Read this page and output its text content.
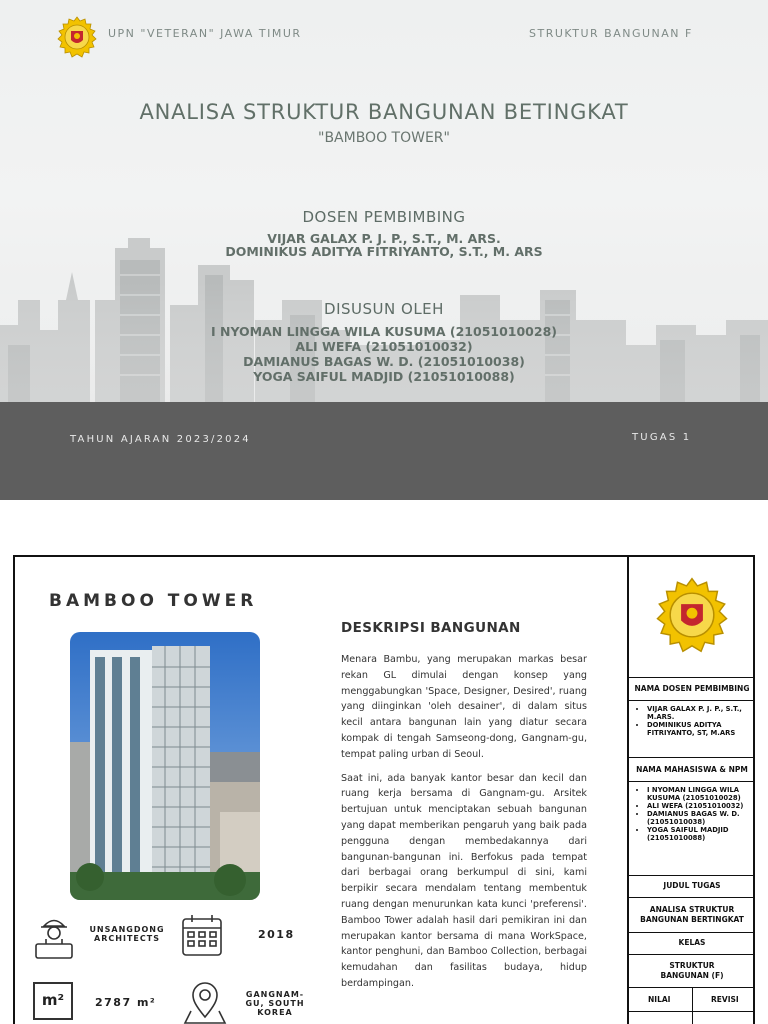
UPN "VETERAN" JAWA TIMUR	STRUKTUR BANGUNAN F
ANALISA STRUKTUR BANGUNAN BETINGKAT
"BAMBOO TOWER"
DOSEN PEMBIMBING
VIJAR GALAX P. J. P., S.T., M. ARS.
DOMINIKUS ADITYA FITRIYANTO, S.T., M. ARS
DISUSUN OLEH
I NYOMAN LINGGA WILA KUSUMA (21051010028)
ALI WEFA (21051010032)
DAMIANUS BAGAS W. D. (21051010038)
YOGA SAIFUL MADJID (21051010088)
TAHUN AJARAN 2023/2024	TUGAS 1
BAMBOO TOWER
UNSANGDONG ARCHITECTS	2018
m²	2787 m²
GANGNAM-GU, SOUTH KOREA
DESKRIPSI BANGUNAN

Menara Bambu, yang merupakan markas besar rekan GL dimulai dengan konsep yang menggabungkan 'Space, Designer, Desired', ruang yang diinginkan 'oleh desainer', di dalam situs kecil antara bangunan lain yang diatur secara kompak di tengah Samseong-dong, Gangnam-gu, tempat paling urban di Seoul.

Saat ini, ada banyak kantor besar dan kecil dan ruang kerja bersama di Gangnam-gu. Arsitek bertujuan untuk menciptakan sebuah bangunan yang dapat memberikan pengaruh yang baik pada pengguna dengan membedakannya dari bangunan-bangunan ini. Berfokus pada tempat dari berbagai orang berkumpul di sini, kami berpikir secara mendalam tentang membentuk ruang dengan menurunkan kata kunci 'preferensi'. Bamboo Tower adalah hasil dari pemikiran ini dan merupakan kantor bersama di mana WorkSpace, kantor penghuni, dan Bamboo Collection, berbagai kemudahan dan fasilitas budaya, hidup berdampingan.

NAMA DOSEN PEMBIMBING
• VIJAR GALAX P. J. P., S.T., M.ARS.
• DOMINIKUS ADITYA FITRIYANTO, ST, M.ARS
NAMA MAHASISWA & NPM
• I NYOMAN LINGGA WILA KUSUMA (21051010028)
• ALI WEFA (21051010032)
• DAMIANUS BAGAS W. D. (21051010038)
• YOGA SAIFUL MADJID (21051010088)
JUDUL TUGAS
ANALISA STRUKTUR BANGUNAN BERTINGKAT
KELAS
STRUKTUR BANGUNAN (F)
NILAI	REVISI
